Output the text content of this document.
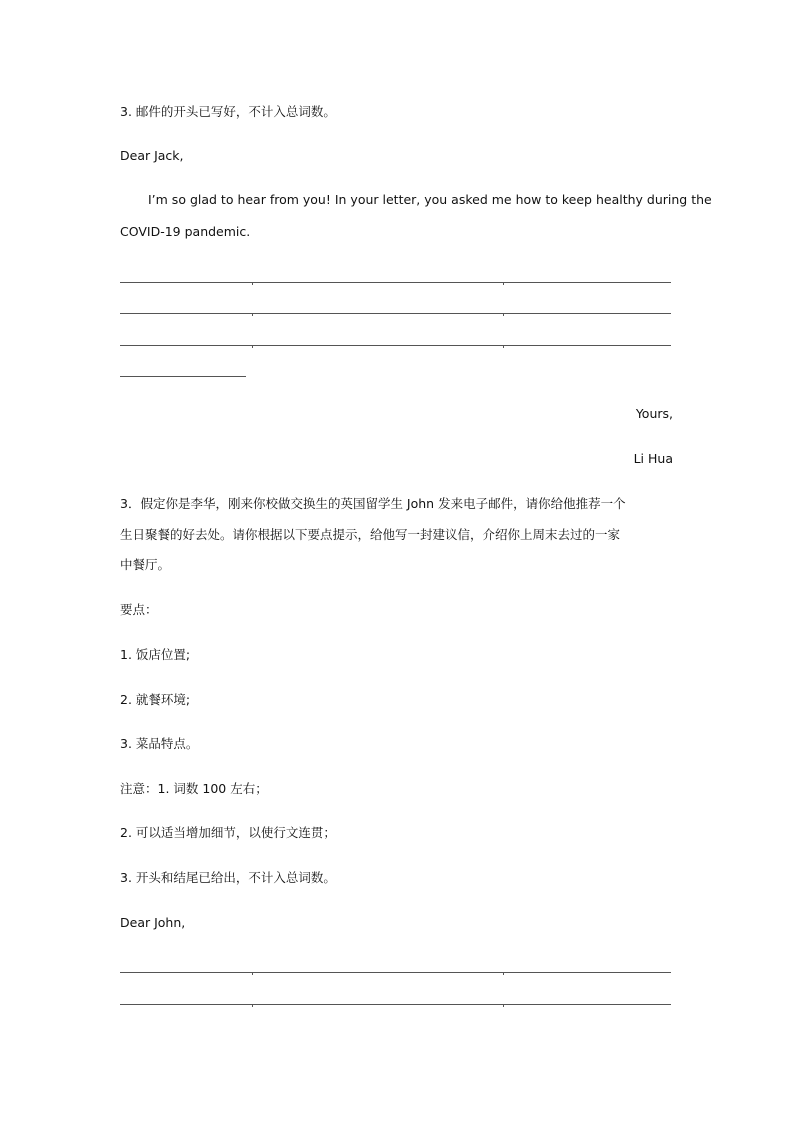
3. 邮件的开头已写好，不计入总词数。
Dear Jack,
I’m so glad to hear from you! In your letter, you asked me how to keep healthy during the
COVID-19 pandemic.
Yours,
Li Hua
3．假定你是李华，刚来你校做交换生的英国留学生 John 发来电子邮件，请你给他推荐一个
生日聚餐的好去处。请你根据以下要点提示，给他写一封建议信，介绍你上周末去过的一家
中餐厅。
要点：
1. 饭店位置;
2. 就餐环境;
3. 菜品特点。
注意：1. 词数 100 左右；
2. 可以适当增加细节，以使行文连贯；
3. 开头和结尾已给出，不计入总词数。
Dear John,
